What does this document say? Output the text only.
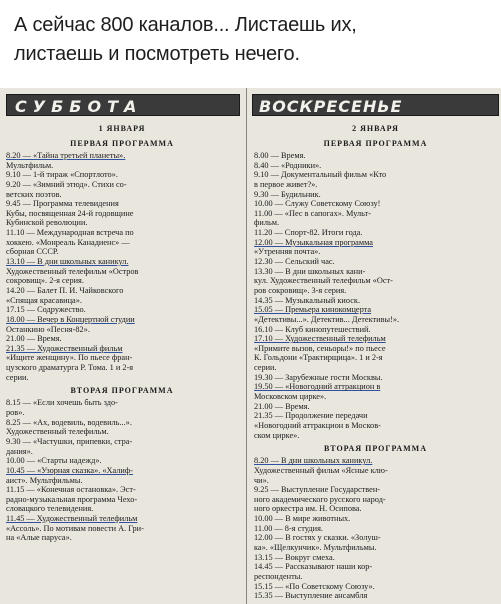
А сейчас 800 каналов... Листаешь их,
листаешь и посмотреть нечего.
СУББОТА
1 ЯНВАРЯ
ПЕРВАЯ ПРОГРАММА
8.20 — «Тайна третьей планеты».
Мультфильм.
9.10 — 1-й тираж «Спортлото».
9.20 — «Зимний этюд». Стихи со-
ветских поэтов.
9.45 — Программа телевидения
Кубы, посвященная 24-й годовщине
Кубинской революции.
11.10 — Международная встреча по
хоккею. «Монреаль Канадиенс» —
сборная СССР.
13.10 — В дни школьных каникул.
Художественный телефильм «Остров
сокровищ». 2-я серия.
14.20 — Балет П. И. Чайковского
«Спящая красавица».
17.15 — Содружество.
18.00 — Вечер в Концертной студии
Останкино «Песня-82».
21.00 — Время.
21.35 — Художественный фильм
«Ищите женщину». По пьесе фран-
цузского драматурга Р. Тома. 1 и 2-я
серии.
ВТОРАЯ ПРОГРАММА
8.15 — «Если хочешь быть здо-
ров».
8.25 — «Ах, водевиль, водевиль...».
Художественный телефильм.
9.30 — «Частушки, припевки, стра-
дания».
10.00 — «Старты надежд».
10.45 — «Узорная сказка». «Халиф-
аист». Мультфильмы.
11.15 — «Конечная остановка». Эст-
радно-музыкальная программа Чехо-
словацкого телевидения.
11.45 — Художественный телефильм
«Ассоль». По мотивам повести А. Гри-
на «Алые паруса».
ВОСКРЕСЕНЬЕ
2 ЯНВАРЯ
ПЕРВАЯ ПРОГРАММА
8.00 — Время.
8.40 — «Родники».
9.10 — Документальный фильм «Кто
в первое живет?».
9.30 — Будильник.
10.00 — Служу Советскому Союзу!
11.00 — «Пес в сапогах». Мульт-
фильм.
11.20 — Спорт-82. Итоги года.
12.00 — Музыкальная программа
«Утренняя почта».
12.30 — Сельский час.
13.30 — В дни школьных кани-
кул. Художественный телефильм «Ост-
ров сокровищ». 3-я серия.
14.35 — Музыкальный киоск.
15.05 — Премьера кинокомцерта
«Детективы...». Детектив... Детективы!».
16.10 — Клуб кинопутешествий.
17.10 — Художественный телефильм
«Примите вызов, сеньоры!» по пьесе
К. Гольдони «Трактирщица». 1 и 2-я
серии.
19.30 — Зарубежные гости Москвы.
19.50 — «Новогодний аттракцион в
Московском цирке».
21.00 — Время.
21.35 — Продолжение передачи
«Новогодний аттракцион в Москов-
ском цирке».
ВТОРАЯ ПРОГРАММА
8.20 — В дни школьных каникул.
Художественный фильм «Ясные клю-
чи».
9.25 — Выступление Государствен-
ного академического русского народ-
ного оркестра им. Н. Осипова.
10.00 — В мире животных.
11.00 — 8-я студия.
12.00 — В гостях у сказки. «Золуш-
ка». «Щелкунчик». Мультфильмы.
13.15 — Вокруг смеха.
14.45 — Рассказывают наши кор-
респонденты.
15.15 — «По Советскому Союзу».
15.35 — Выступление ансамбля
